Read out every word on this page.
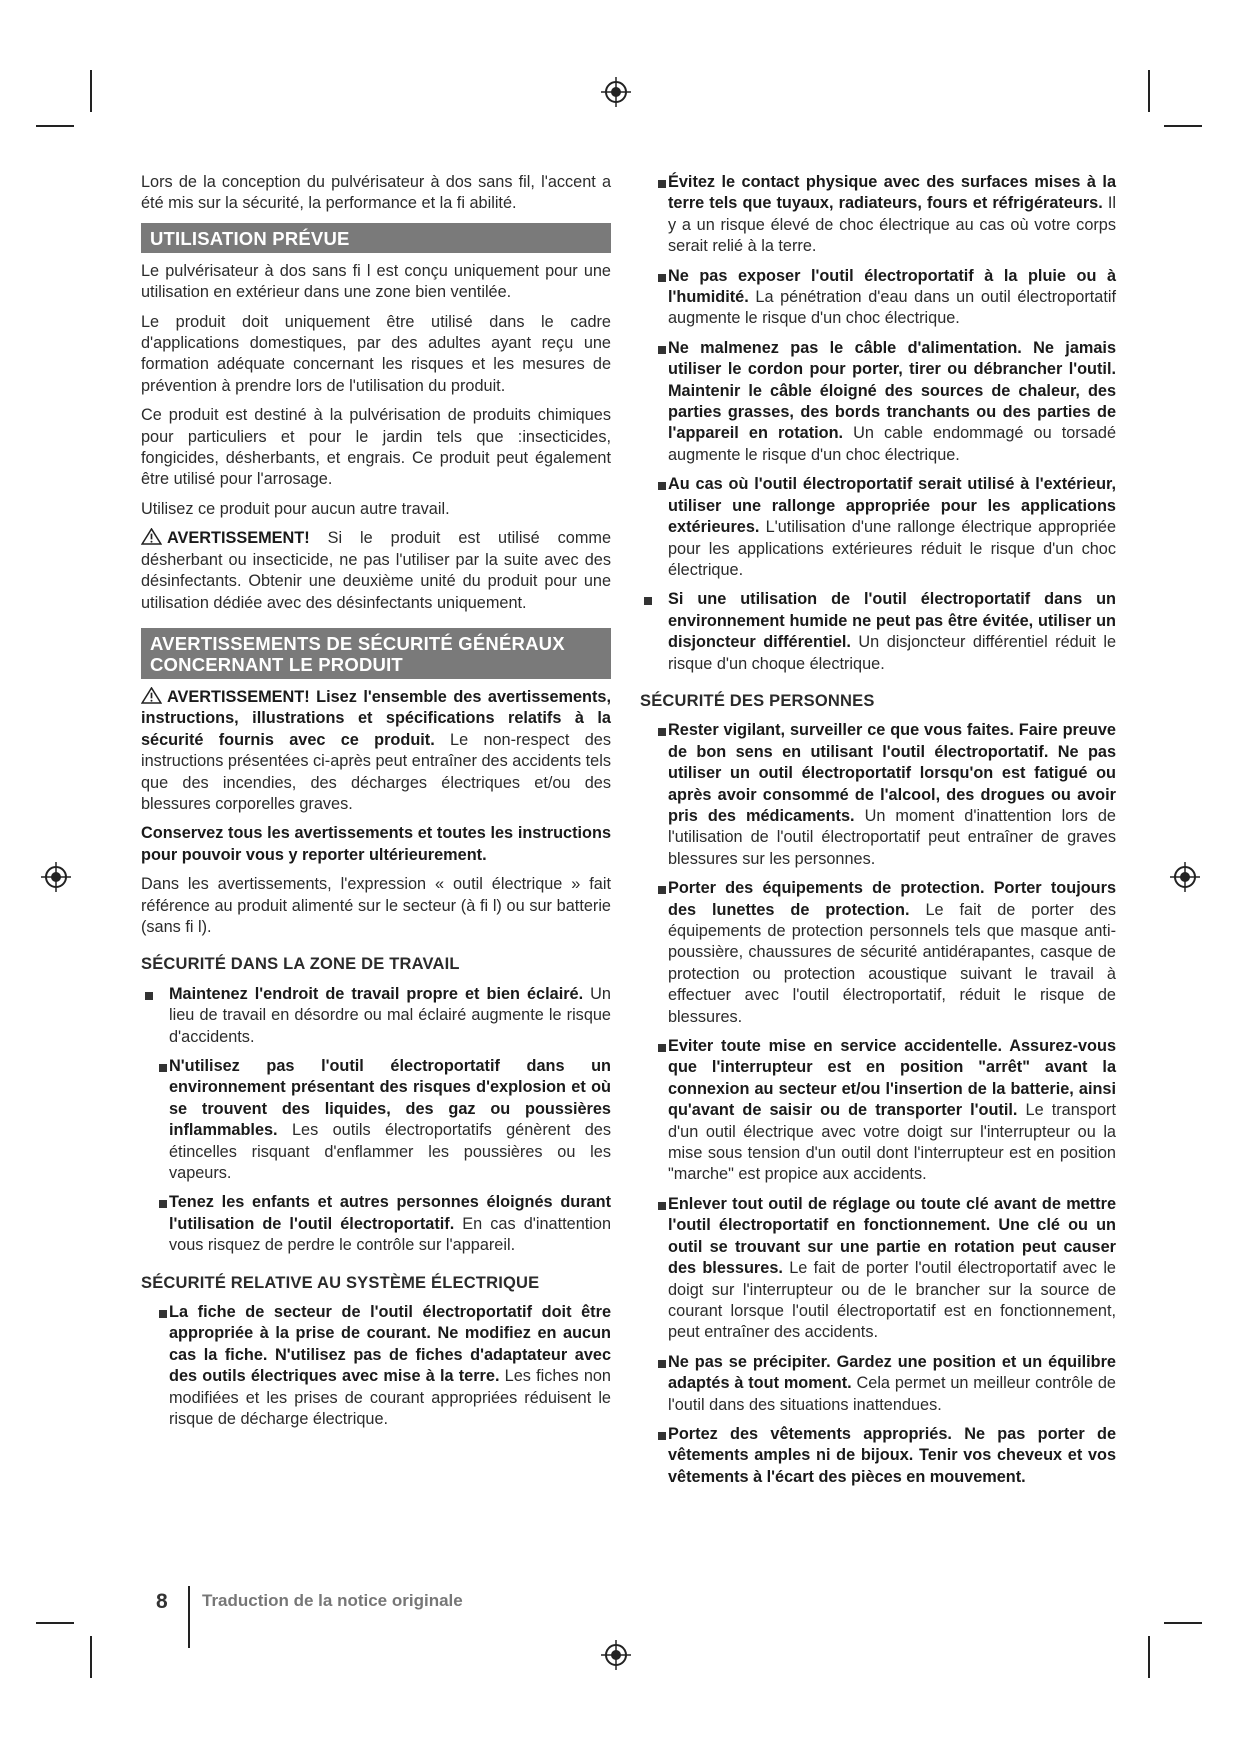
Lors de la conception du pulvérisateur à dos sans fil, l'accent a été mis sur la sécurité, la performance et la fi abilité.

UTILISATION PRÉVUE

Le pulvérisateur à dos sans fi l est conçu uniquement pour une utilisation en extérieur dans une zone bien ventilée.

Le produit doit uniquement être utilisé dans le cadre d'applications domestiques, par des adultes ayant reçu une formation adéquate concernant les risques et les mesures de prévention à prendre lors de l'utilisation du produit.

Ce produit est destiné à la pulvérisation de produits chimiques pour particuliers et pour le jardin tels que :insecticides, fongicides, désherbants, et engrais. Ce produit peut également être utilisé pour l'arrosage.

Utilisez ce produit pour aucun autre travail.

AVERTISSEMENT! Si le produit est utilisé comme désherbant ou insecticide, ne pas l'utiliser par la suite avec des désinfectants. Obtenir une deuxième unité du produit pour une utilisation dédiée avec des désinfectants uniquement.

AVERTISSEMENTS DE SÉCURITÉ GÉNÉRAUX
CONCERNANT LE PRODUIT

AVERTISSEMENT! Lisez l'ensemble des avertissements, instructions, illustrations et spécifications relatifs à la sécurité fournis avec ce produit. Le non-respect des instructions présentées ci-après peut entraîner des accidents tels que des incendies, des décharges électriques et/ou des blessures corporelles graves.

Conservez tous les avertissements et toutes les instructions pour pouvoir vous y reporter ultérieurement.

Dans les avertissements, l'expression « outil électrique » fait référence au produit alimenté sur le secteur (à fi l) ou sur batterie (sans fi l).

SÉCURITÉ DANS LA ZONE DE TRAVAIL
Maintenez l'endroit de travail propre et bien éclairé. Un lieu de travail en désordre ou mal éclairé augmente le risque d'accidents.
N'utilisez pas l'outil électroportatif dans un environnement présentant des risques d'explosion et où se trouvent des liquides, des gaz ou poussières inflammables. Les outils électroportatifs génèrent des étincelles risquant d'enflammer les poussières ou les vapeurs.
Tenez les enfants et autres personnes éloignés durant l'utilisation de l'outil électroportatif. En cas d'inattention vous risquez de perdre le contrôle sur l'appareil.
SÉCURITÉ RELATIVE AU SYSTÈME ÉLECTRIQUE
La fiche de secteur de l'outil électroportatif doit être appropriée à la prise de courant. Ne modifiez en aucun cas la fiche. N'utilisez pas de fiches d'adaptateur avec des outils électriques avec mise à la terre. Les fiches non modifiées et les prises de courant appropriées réduisent le risque de décharge électrique.
Évitez le contact physique avec des surfaces mises à la terre tels que tuyaux, radiateurs, fours et réfrigérateurs. Il y a un risque élevé de choc électrique au cas où votre corps serait relié à la terre.
Ne pas exposer l'outil électroportatif à la pluie ou à l'humidité. La pénétration d'eau dans un outil électroportatif augmente le risque d'un choc électrique.
Ne malmenez pas le câble d'alimentation. Ne jamais utiliser le cordon pour porter, tirer ou débrancher l'outil. Maintenir le câble éloigné des sources de chaleur, des parties grasses, des bords tranchants ou des parties de l'appareil en rotation. Un cable endommagé ou torsadé augmente le risque d'un choc électrique.
Au cas où l'outil électroportatif serait utilisé à l'extérieur, utiliser une rallonge appropriée pour les applications extérieures. L'utilisation d'une rallonge électrique appropriée pour les applications extérieures réduit le risque d'un choc électrique.
Si une utilisation de l'outil électroportatif dans un environnement humide ne peut pas être évitée, utiliser un disjoncteur différentiel. Un disjoncteur différentiel réduit le risque d'un choque électrique.
SÉCURITÉ DES PERSONNES
Rester vigilant, surveiller ce que vous faites. Faire preuve de bon sens en utilisant l'outil électroportatif. Ne pas utiliser un outil électroportatif lorsqu'on est fatigué ou après avoir consommé de l'alcool, des drogues ou avoir pris des médicaments. Un moment d'inattention lors de l'utilisation de l'outil électroportatif peut entraîner de graves blessures sur les personnes.
Porter des équipements de protection. Porter toujours des lunettes de protection. Le fait de porter des équipements de protection personnels tels que masque anti-poussière, chaussures de sécurité antidérapantes, casque de protection ou protection acoustique suivant le travail à effectuer avec l'outil électroportatif, réduit le risque de blessures.
Eviter toute mise en service accidentelle. Assurez-vous que l'interrupteur est en position "arrêt" avant la connexion au secteur et/ou l'insertion de la batterie, ainsi qu'avant de saisir ou de transporter l'outil. Le transport d'un outil électrique avec votre doigt sur l'interrupteur ou la mise sous tension d'un outil dont l'interrupteur est en position "marche" est propice aux accidents.
Enlever tout outil de réglage ou toute clé avant de mettre l'outil électroportatif en fonctionnement. Une clé ou un outil se trouvant sur une partie en rotation peut causer des blessures. Le fait de porter l'outil électroportatif avec le doigt sur l'interrupteur ou de le brancher sur la source de courant lorsque l'outil électroportatif est en fonctionnement, peut entraîner des accidents.
Ne pas se précipiter. Gardez une position et un équilibre adaptés à tout moment. Cela permet un meilleur contrôle de l'outil dans des situations inattendues.
Portez des vêtements appropriés. Ne pas porter de vêtements amples ni de bijoux. Tenir vos cheveux et vos vêtements à l'écart des pièces en mouvement.
8 Traduction de la notice originale
